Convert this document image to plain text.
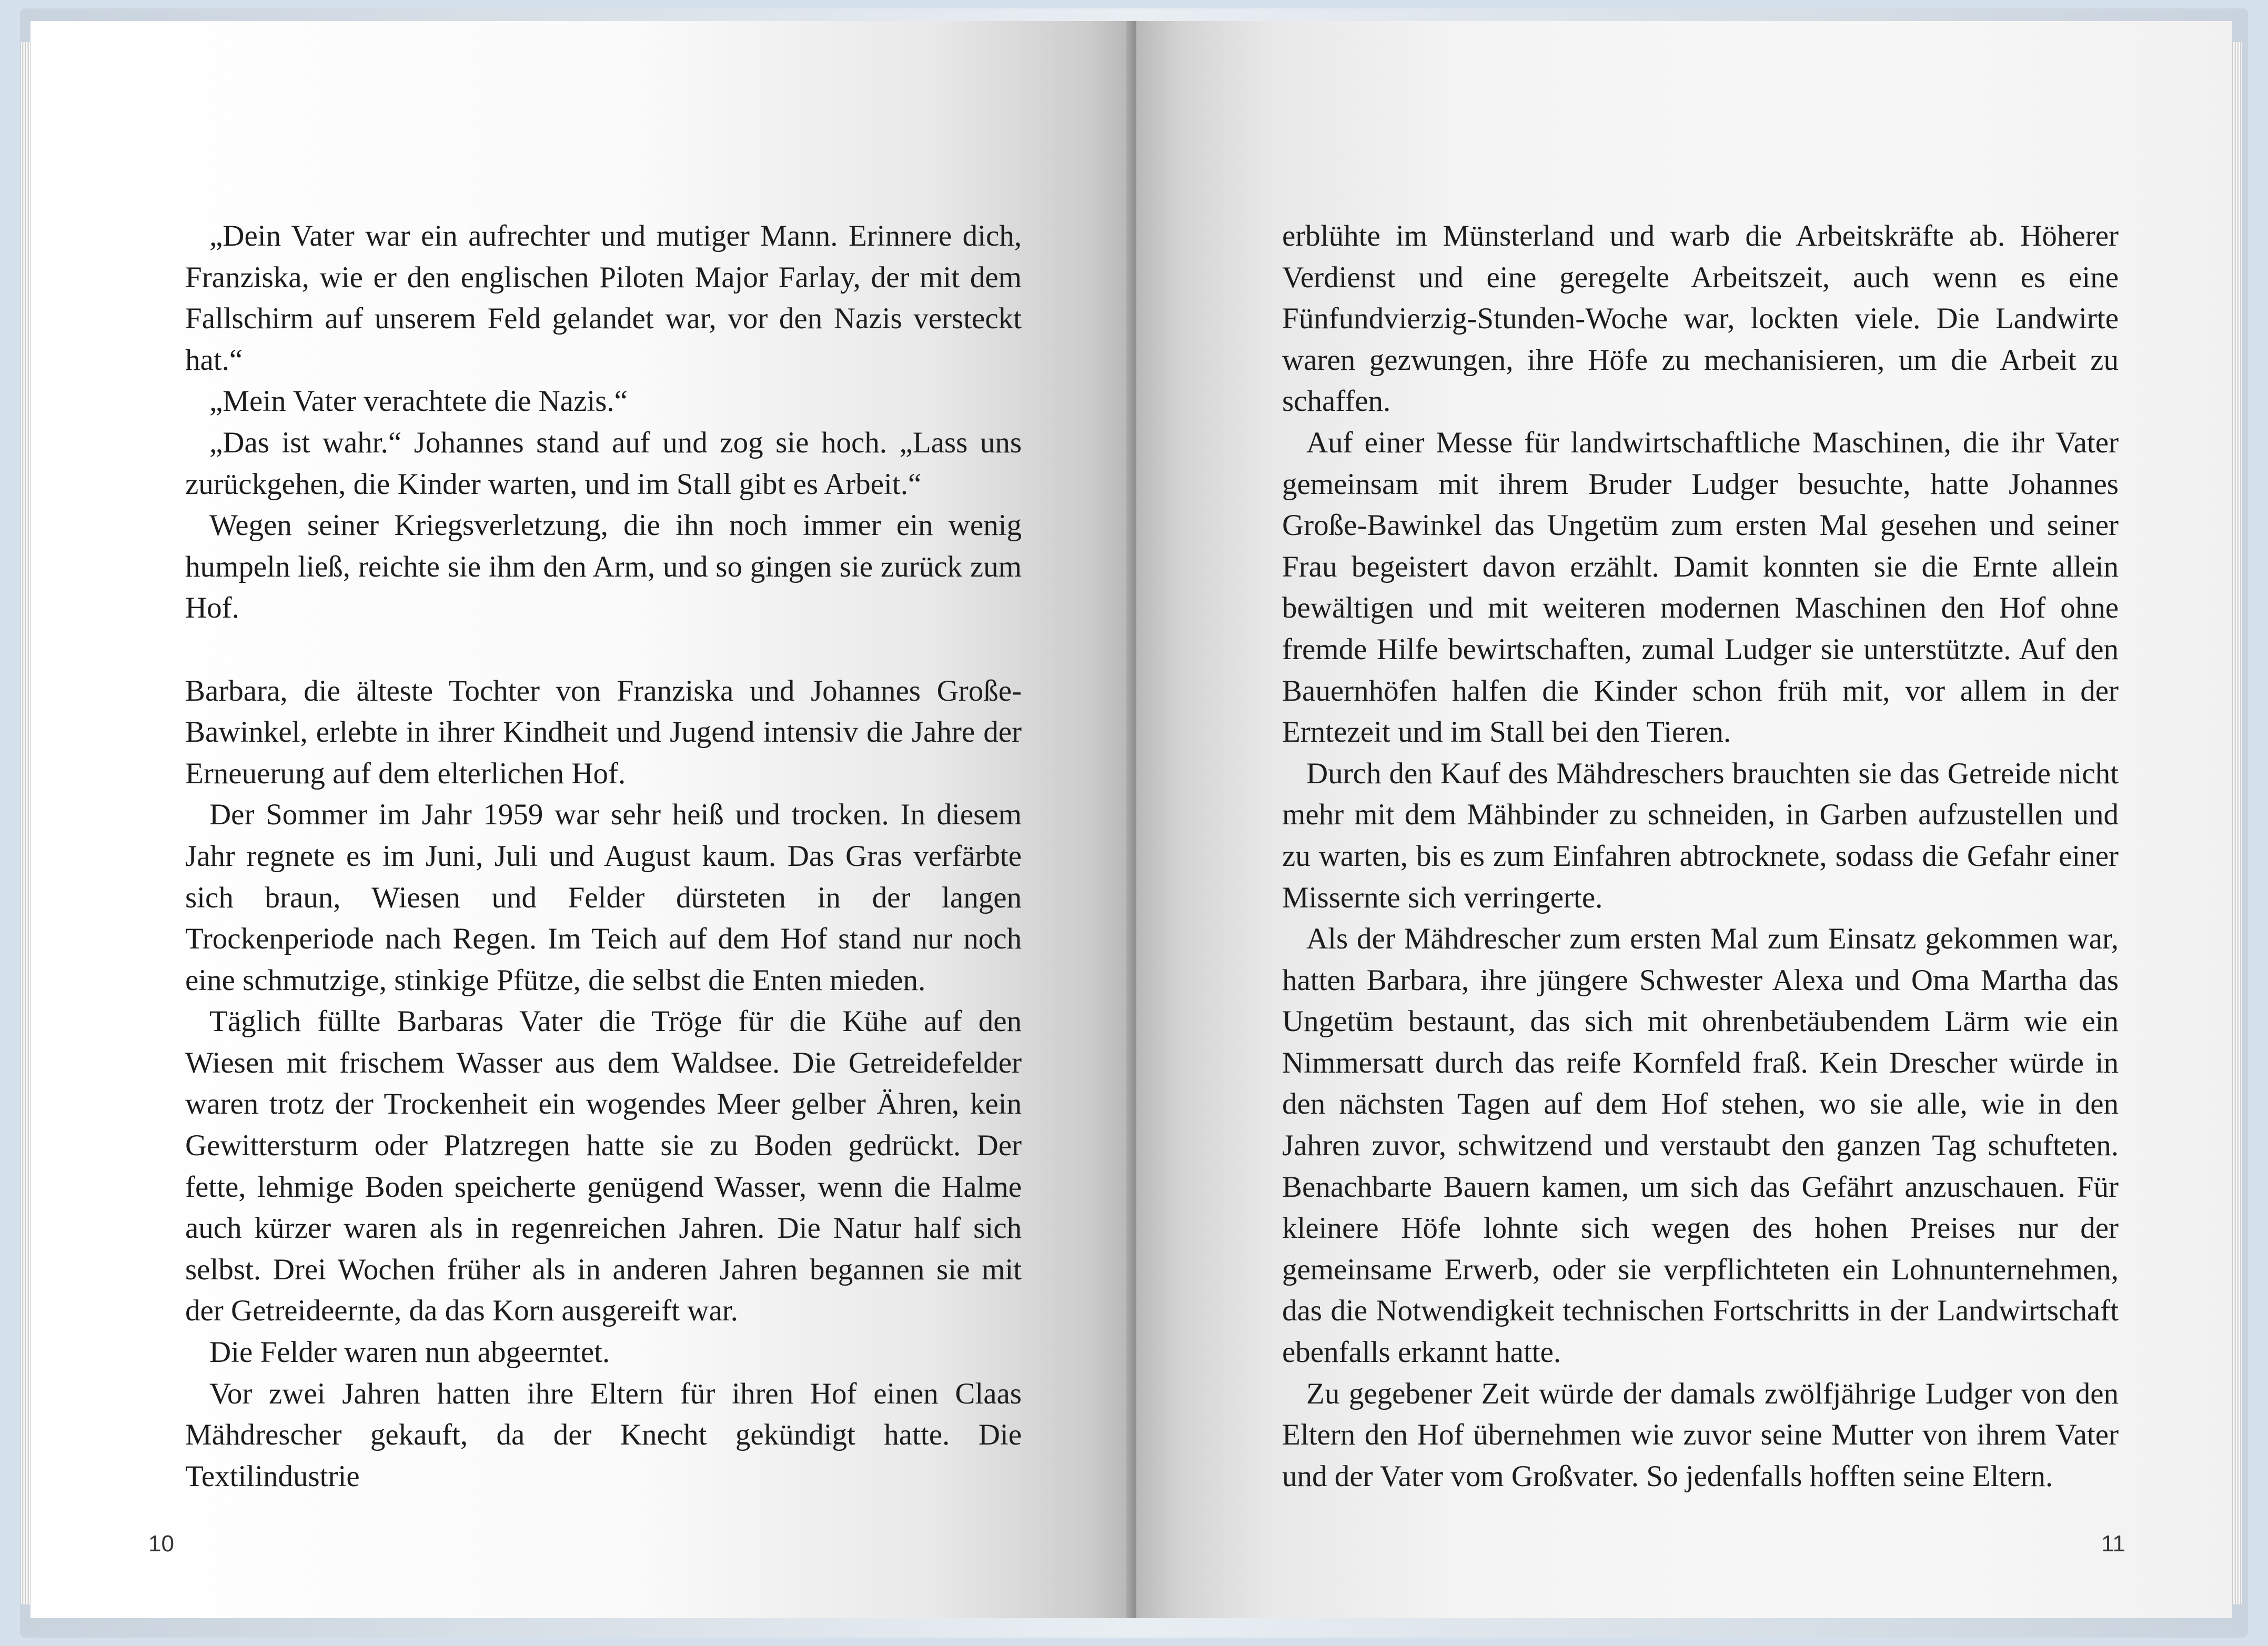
„Dein Vater war ein aufrechter und mutiger Mann. Erinnere dich, Franziska, wie er den englischen Piloten Major Farlay, der mit dem Fallschirm auf unserem Feld gelandet war, vor den Nazis versteckt hat.“

„Mein Vater verachtete die Nazis.“

„Das ist wahr.“ Johannes stand auf und zog sie hoch. „Lass uns zurückgehen, die Kinder warten, und im Stall gibt es Arbeit.“

Wegen seiner Kriegsverletzung, die ihn noch immer ein wenig humpeln ließ, reichte sie ihm den Arm, und so gingen sie zurück zum Hof.

Barbara, die älteste Tochter von Franziska und Johannes Große-Bawinkel, erlebte in ihrer Kindheit und Jugend intensiv die Jahre der Erneuerung auf dem elterlichen Hof.

Der Sommer im Jahr 1959 war sehr heiß und trocken. In diesem Jahr regnete es im Juni, Juli und August kaum. Das Gras verfärbte sich braun, Wiesen und Felder dürsteten in der langen Trockenperiode nach Regen. Im Teich auf dem Hof stand nur noch eine schmutzige, stinkige Pfütze, die selbst die Enten mieden.

Täglich füllte Barbaras Vater die Tröge für die Kühe auf den Wiesen mit frischem Wasser aus dem Waldsee. Die Getreidefelder waren trotz der Trockenheit ein wogendes Meer gelber Ähren, kein Gewittersturm oder Platzregen hatte sie zu Boden gedrückt. Der fette, lehmige Boden speicherte genügend Wasser, wenn die Halme auch kürzer waren als in regenreichen Jahren. Die Natur half sich selbst. Drei Wochen früher als in anderen Jahren begannen sie mit der Getreideernte, da das Korn ausgereift war.

Die Felder waren nun abgeerntet.

Vor zwei Jahren hatten ihre Eltern für ihren Hof einen Claas Mähdrescher gekauft, da der Knecht gekündigt hatte. Die Textilindustrie

10

erblühte im Münsterland und warb die Arbeitskräfte ab. Höherer Verdienst und eine geregelte Arbeitszeit, auch wenn es eine Fünfundvierzig-Stunden-Woche war, lockten viele. Die Landwirte waren gezwungen, ihre Höfe zu mechanisieren, um die Arbeit zu schaffen.

Auf einer Messe für landwirtschaftliche Maschinen, die ihr Vater gemeinsam mit ihrem Bruder Ludger besuchte, hatte Johannes Große-Bawinkel das Ungetüm zum ersten Mal gesehen und seiner Frau begeistert davon erzählt. Damit konnten sie die Ernte allein bewältigen und mit weiteren modernen Maschinen den Hof ohne fremde Hilfe bewirtschaften, zumal Ludger sie unterstützte. Auf den Bauernhöfen halfen die Kinder schon früh mit, vor allem in der Erntezeit und im Stall bei den Tieren.

Durch den Kauf des Mähdreschers brauchten sie das Getreide nicht mehr mit dem Mähbinder zu schneiden, in Garben aufzustellen und zu warten, bis es zum Einfahren abtrocknete, sodass die Gefahr einer Missernte sich verringerte.

Als der Mähdrescher zum ersten Mal zum Einsatz gekommen war, hatten Barbara, ihre jüngere Schwester Alexa und Oma Martha das Ungetüm bestaunt, das sich mit ohrenbetäubendem Lärm wie ein Nimmersatt durch das reife Kornfeld fraß. Kein Drescher würde in den nächsten Tagen auf dem Hof stehen, wo sie alle, wie in den Jahren zuvor, schwitzend und verstaubt den ganzen Tag schufteten. Benachbarte Bauern kamen, um sich das Gefährt anzuschauen. Für kleinere Höfe lohnte sich wegen des hohen Preises nur der gemeinsame Erwerb, oder sie verpflichteten ein Lohnunternehmen, das die Notwendigkeit technischen Fortschritts in der Landwirtschaft ebenfalls erkannt hatte.

Zu gegebener Zeit würde der damals zwölfjährige Ludger von den Eltern den Hof übernehmen wie zuvor seine Mutter von ihrem Vater und der Vater vom Großvater. So jedenfalls hofften seine Eltern.

11
